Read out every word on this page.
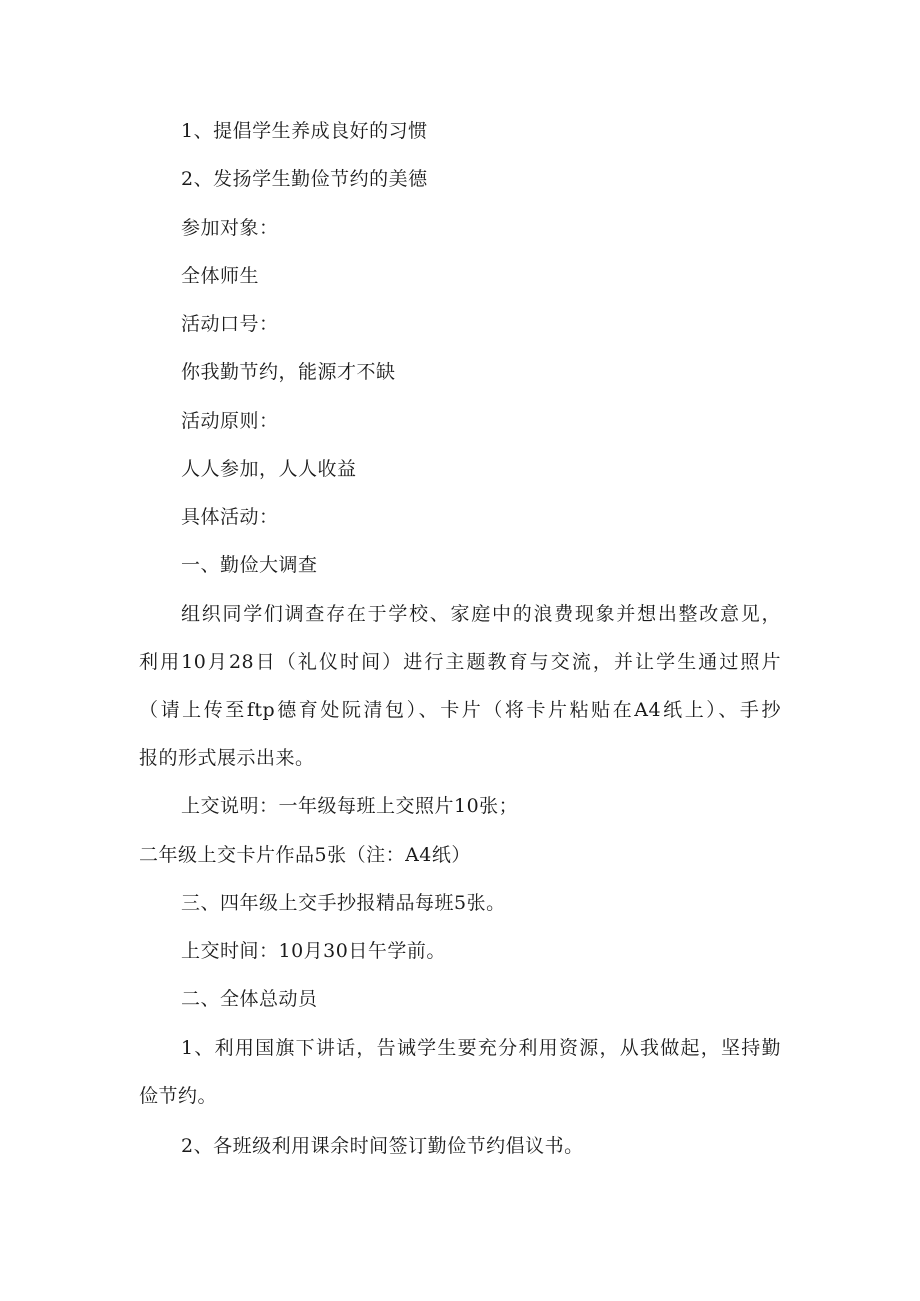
1、提倡学生养成良好的习惯
2、发扬学生勤俭节约的美德
参加对象：
全体师生
活动口号：
你我勤节约，能源才不缺
活动原则：
人人参加，人人收益
具体活动：
一、勤俭大调查
组织同学们调查存在于学校、家庭中的浪费现象并想出整改意见，
利用10月28日（礼仪时间）进行主题教育与交流，并让学生通过照片
（请上传至ftp德育处阮清包）、卡片（将卡片粘贴在A4纸上）、手抄
报的形式展示出来。
上交说明：一年级每班上交照片10张；
二年级上交卡片作品5张（注：A4纸）
三、四年级上交手抄报精品每班5张。
上交时间：10月30日午学前。
二、全体总动员
1、利用国旗下讲话，告诫学生要充分利用资源，从我做起，坚持勤
俭节约。
2、各班级利用课余时间签订勤俭节约倡议书。
